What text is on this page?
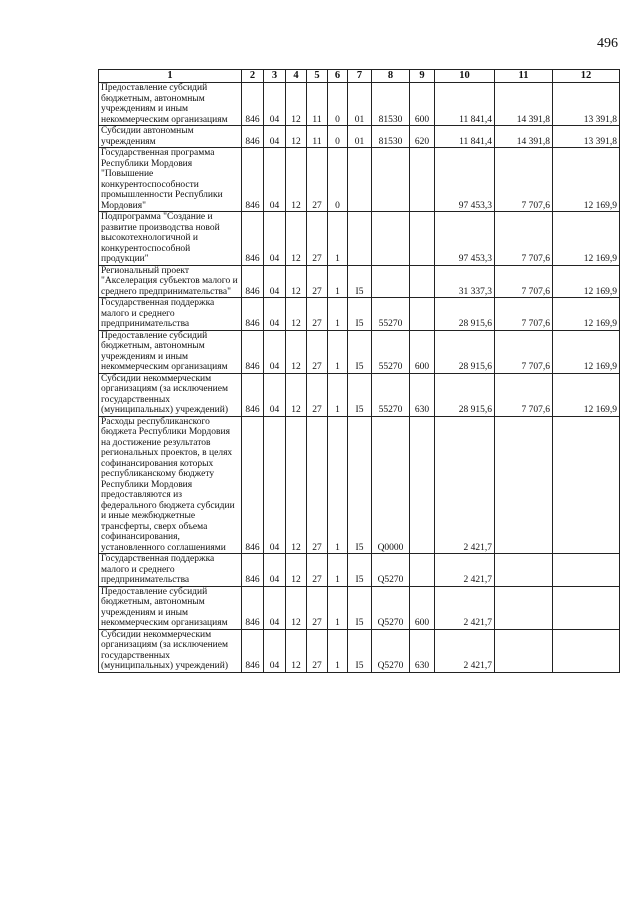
496
1	2	3	4	5	6	7	8	9	10	11	12
Предоставление субсидий бюджетным, автономным учреждениям и иным некоммерческим организациям	846	04	12	11	0	01	81530	600	11 841,4	14 391,8	13 391,8
Субсидии автономным учреждениям	846	04	12	11	0	01	81530	620	11 841,4	14 391,8	13 391,8
Государственная программа Республики Мордовия "Повышение конкурентоспособности промышленности Республики Мордовия"	846	04	12	27	0				97 453,3	7 707,6	12 169,9
Подпрограмма "Создание и развитие производства новой высокотехнологичной и конкурентоспособной продукции"	846	04	12	27	1				97 453,3	7 707,6	12 169,9
Региональный проект "Акселерация субъектов малого и среднего предпринимательства"	846	04	12	27	1	I5			31 337,3	7 707,6	12 169,9
Государственная поддержка малого и среднего предпринимательства	846	04	12	27	1	I5	55270		28 915,6	7 707,6	12 169,9
Предоставление субсидий бюджетным, автономным учреждениям и иным некоммерческим организациям	846	04	12	27	1	I5	55270	600	28 915,6	7 707,6	12 169,9
Субсидии некоммерческим организациям (за исключением государственных (муниципальных) учреждений)	846	04	12	27	1	I5	55270	630	28 915,6	7 707,6	12 169,9
Расходы республиканского бюджета Республики Мордовия на достижение результатов региональных проектов, в целях софинансирования которых республиканскому бюджету Республики Мордовия предоставляются из федерального бюджета субсидии и иные межбюджетные трансферты, сверх объема софинансирования, установленного соглашениями	846	04	12	27	1	I5	Q0000		2 421,7		
Государственная поддержка малого и среднего предпринимательства	846	04	12	27	1	I5	Q5270		2 421,7		
Предоставление субсидий бюджетным, автономным учреждениям и иным некоммерческим организациям	846	04	12	27	1	I5	Q5270	600	2 421,7		
Субсидии некоммерческим организациям (за исключением государственных (муниципальных) учреждений)	846	04	12	27	1	I5	Q5270	630	2 421,7		
